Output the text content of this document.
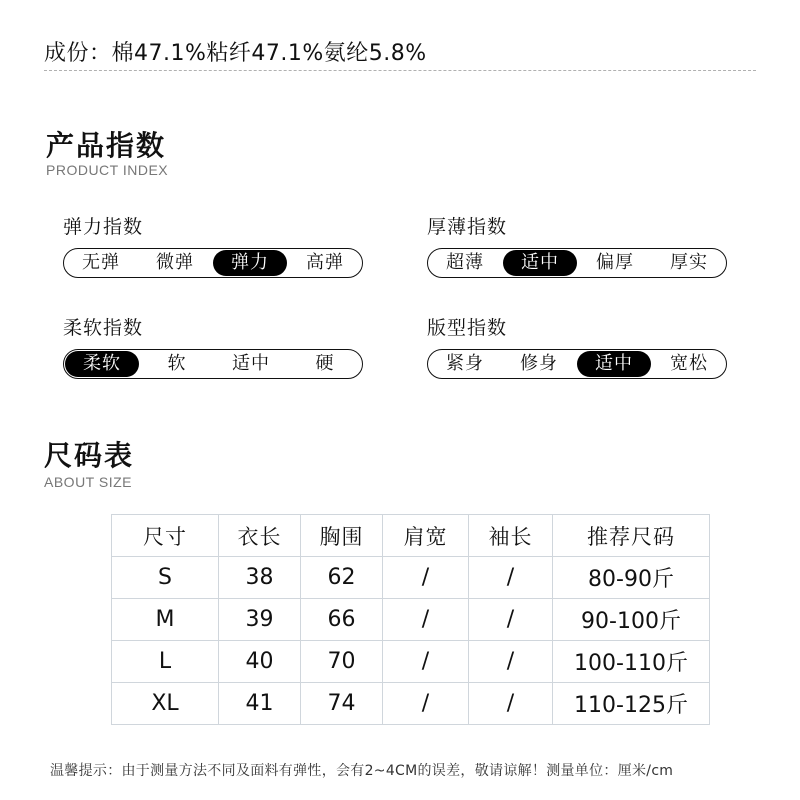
成份：棉47.1%粘纤47.1%氨纶5.8%
产品指数
PRODUCT INDEX
弹力指数
无弹	微弹	弹力	高弹
厚薄指数
超薄	适中	偏厚	厚实
柔软指数
柔软	软	适中	硬
版型指数
紧身	修身	适中	宽松
尺码表
ABOUT SIZE
尺寸	衣长	胸围	肩宽	袖长	推荐尺码
S	38	62	/	/	80-90斤
M	39	66	/	/	90-100斤
L	40	70	/	/	100-110斤
XL	41	74	/	/	110-125斤
温馨提示：由于测量方法不同及面料有弹性，会有2~4CM的误差，敬请谅解！测量单位：厘米/cm
